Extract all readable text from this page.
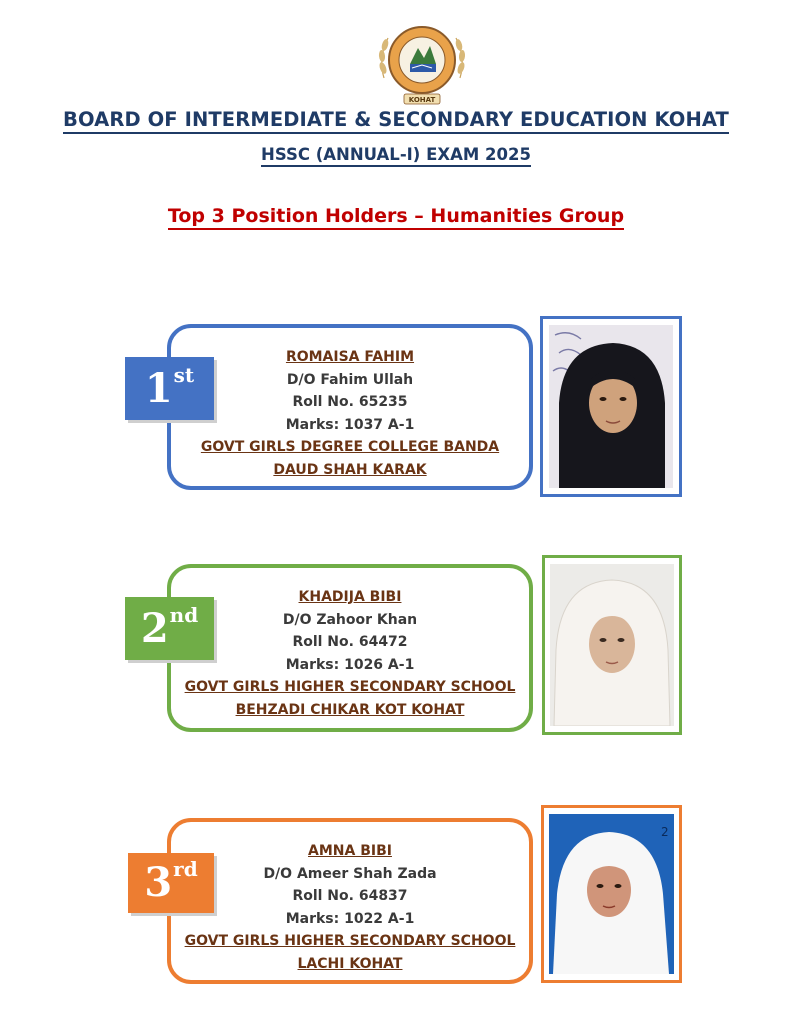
KOHAT
BOARD OF INTERMEDIATE & SECONDARY EDUCATION KOHAT
HSSC (ANNUAL-I) EXAM 2025
Top 3 Position Holders – Humanities Group
ROMAISA FAHIM
D/O Fahim Ullah
Roll No. 65235
Marks: 1037 A-1
GOVT GIRLS DEGREE COLLEGE BANDA
DAUD SHAH KARAK
1st
KHADIJA BIBI
D/O Zahoor Khan
Roll No. 64472
Marks: 1026 A-1
GOVT GIRLS HIGHER SECONDARY SCHOOL
BEHZADI CHIKAR KOT KOHAT
2nd
AMNA BIBI
D/O Ameer Shah Zada
Roll No. 64837
Marks: 1022 A-1
GOVT GIRLS HIGHER SECONDARY SCHOOL
LACHI KOHAT
3rd
2
